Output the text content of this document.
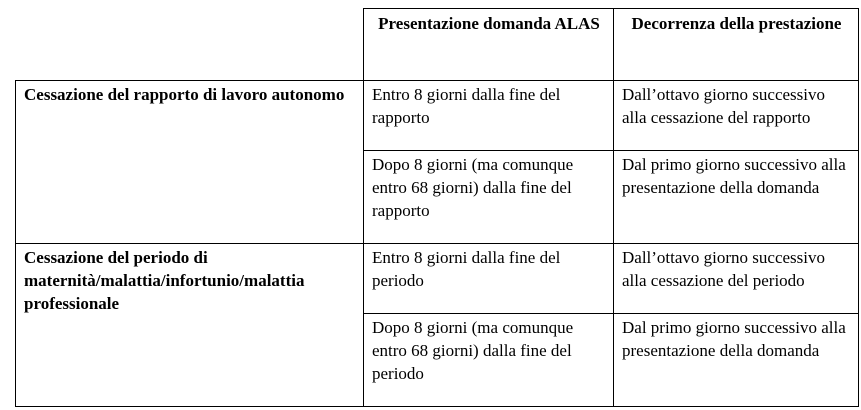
	Presentazione domanda ALAS	Decorrenza della prestazione
Cessazione del rapporto di lavoro autonomo	Entro 8 giorni dalla fine del rapporto	Dall’ottavo giorno successivo alla cessazione del rapporto
	Dopo 8 giorni (ma comunque entro 68 giorni) dalla fine del rapporto	Dal primo giorno successivo alla presentazione della domanda
Cessazione del periodo di maternità/malattia/infortunio/malattia professionale	Entro 8 giorni dalla fine del periodo	Dall’ottavo giorno successivo alla cessazione del periodo
	Dopo 8 giorni (ma comunque entro 68 giorni) dalla fine del periodo	Dal primo giorno successivo alla presentazione della domanda
